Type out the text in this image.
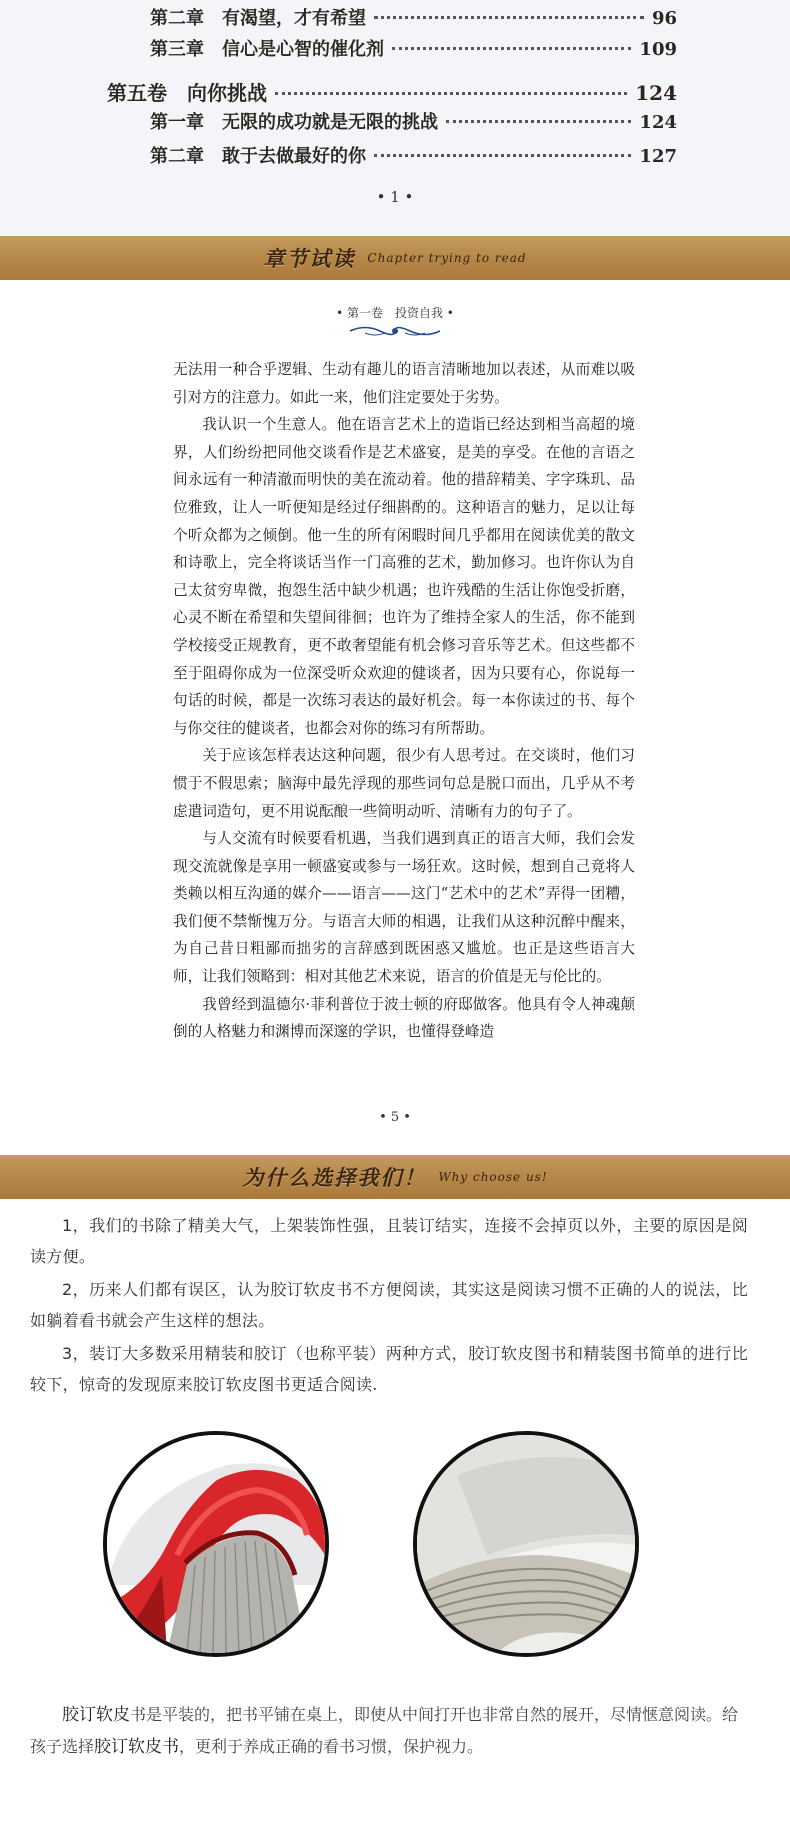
第二章　有渴望，才有希望	96
第三章　信心是心智的催化剂	109
第五卷　向你挑战	124
第一章　无限的成功就是无限的挑战	124
第二章　敢于去做最好的你	127
• 1 •
章节试读 Chapter trying to read
• 第一卷　投资自我 •

无法用一种合乎逻辑、生动有趣儿的语言清晰地加以表述，从而难以吸引对方的注意力。如此一来，他们注定要处于劣势。

我认识一个生意人。他在语言艺术上的造诣已经达到相当高超的境界，人们纷纷把同他交谈看作是艺术盛宴，是美的享受。在他的言语之间永远有一种清澈而明快的美在流动着。他的措辞精美、字字珠玑、品位雅致，让人一听便知是经过仔细斟酌的。这种语言的魅力，足以让每个听众都为之倾倒。他一生的所有闲暇时间几乎都用在阅读优美的散文和诗歌上，完全将谈话当作一门高雅的艺术，勤加修习。也许你认为自己太贫穷卑微，抱怨生活中缺少机遇；也许残酷的生活让你饱受折磨，心灵不断在希望和失望间徘徊；也许为了维持全家人的生活，你不能到学校接受正规教育，更不敢奢望能有机会修习音乐等艺术。但这些都不至于阻碍你成为一位深受听众欢迎的健谈者，因为只要有心，你说每一句话的时候，都是一次练习表达的最好机会。每一本你读过的书、每个与你交往的健谈者，也都会对你的练习有所帮助。

关于应该怎样表达这种问题，很少有人思考过。在交谈时，他们习惯于不假思索；脑海中最先浮现的那些词句总是脱口而出，几乎从不考虑遣词造句，更不用说酝酿一些简明动听、清晰有力的句子了。

与人交流有时候要看机遇，当我们遇到真正的语言大师，我们会发现交流就像是享用一顿盛宴或参与一场狂欢。这时候，想到自己竟将人类赖以相互沟通的媒介——语言——这门“艺术中的艺术”弄得一团糟，我们便不禁惭愧万分。与语言大师的相遇，让我们从这种沉醉中醒来，为自己昔日粗鄙而拙劣的言辞感到既困惑又尴尬。也正是这些语言大师，让我们领略到：相对其他艺术来说，语言的价值是无与伦比的。

我曾经到温德尔·菲利普位于波士顿的府邸做客。他具有令人神魂颠倒的人格魅力和渊博而深邃的学识，也懂得登峰造

• 5 •
为什么选择我们！ Why choose us!

1，我们的书除了精美大气，上架装饰性强，且装订结实，连接不会掉页以外，主要的原因是阅读方便。

2，历来人们都有误区，认为胶订软皮书不方便阅读，其实这是阅读习惯不正确的人的说法，比如躺着看书就会产生这样的想法。

3，装订大多数采用精装和胶订（也称平装）两种方式，胶订软皮图书和精装图书简单的进行比较下，惊奇的发现原来胶订软皮图书更适合阅读.

胶订软皮书是平装的，把书平铺在桌上，即使从中间打开也非常自然的展开，尽情惬意阅读。给孩子选择胶订软皮书，更利于养成正确的看书习惯，保护视力。
